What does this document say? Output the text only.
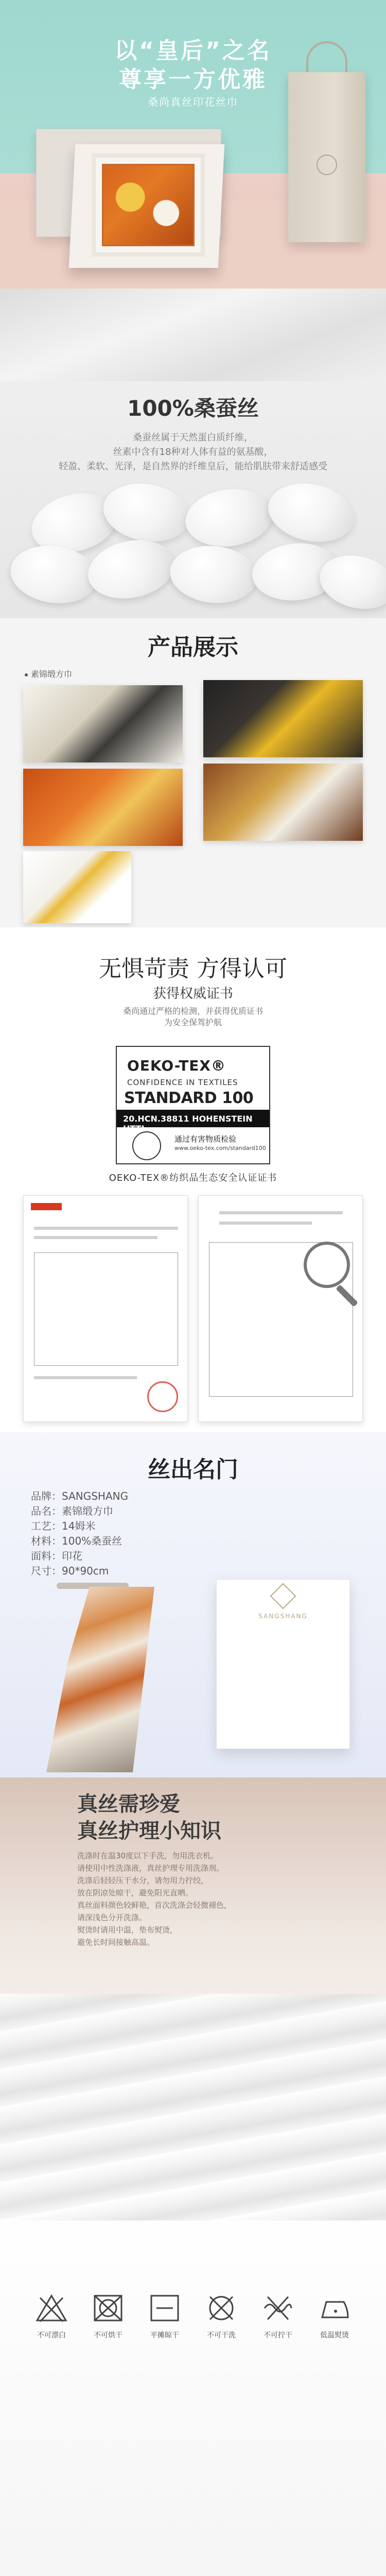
以“皇后”之名
尊享一方优雅
桑尚真丝印花丝巾
100%桑蚕丝
桑蚕丝属于天然蛋白质纤维，
丝素中含有18种对人体有益的氨基酸，
轻盈、柔软、光泽，是自然界的纤维皇后，能给肌肤带来舒适感受
产品展示
素锦缎方巾
无惧苛责 方得认可
获得权威证书
桑尚通过严格的检测，并获得优质证书
为安全保驾护航
OEKO-TEX®
CONFIDENCE IN TEXTILES
STANDARD 100
20.HCN.38811 HOHENSTEIN HTTI
通过有害物质检验
www.oeko-tex.com/standard100
OEKO-TEX®纺织品生态安全认证证书
丝出名门
品牌：SANGSHANG
品名：素锦缎方巾
工艺：14姆米
材料：100%桑蚕丝
面料：印花
尺寸：90*90cm
SANGSHANG
真丝需珍爱
真丝护理小知识
洗涤时在温30度以下手洗，勿用洗衣机。
请使用中性洗涤液，真丝护理专用洗涤剂。
洗涤后轻轻压干水分，请勿用力拧绞，
放在阴凉处晾干，避免阳光直晒。
真丝面料颜色较鲜艳，首次洗涤会轻微褪色，
请深浅色分开洗涤。
熨烫时请用中温，垫布熨烫，
避免长时间接触高温。
不可漂白	不可烘干	平摊晾干	不可干洗	不可拧干	低温熨烫
